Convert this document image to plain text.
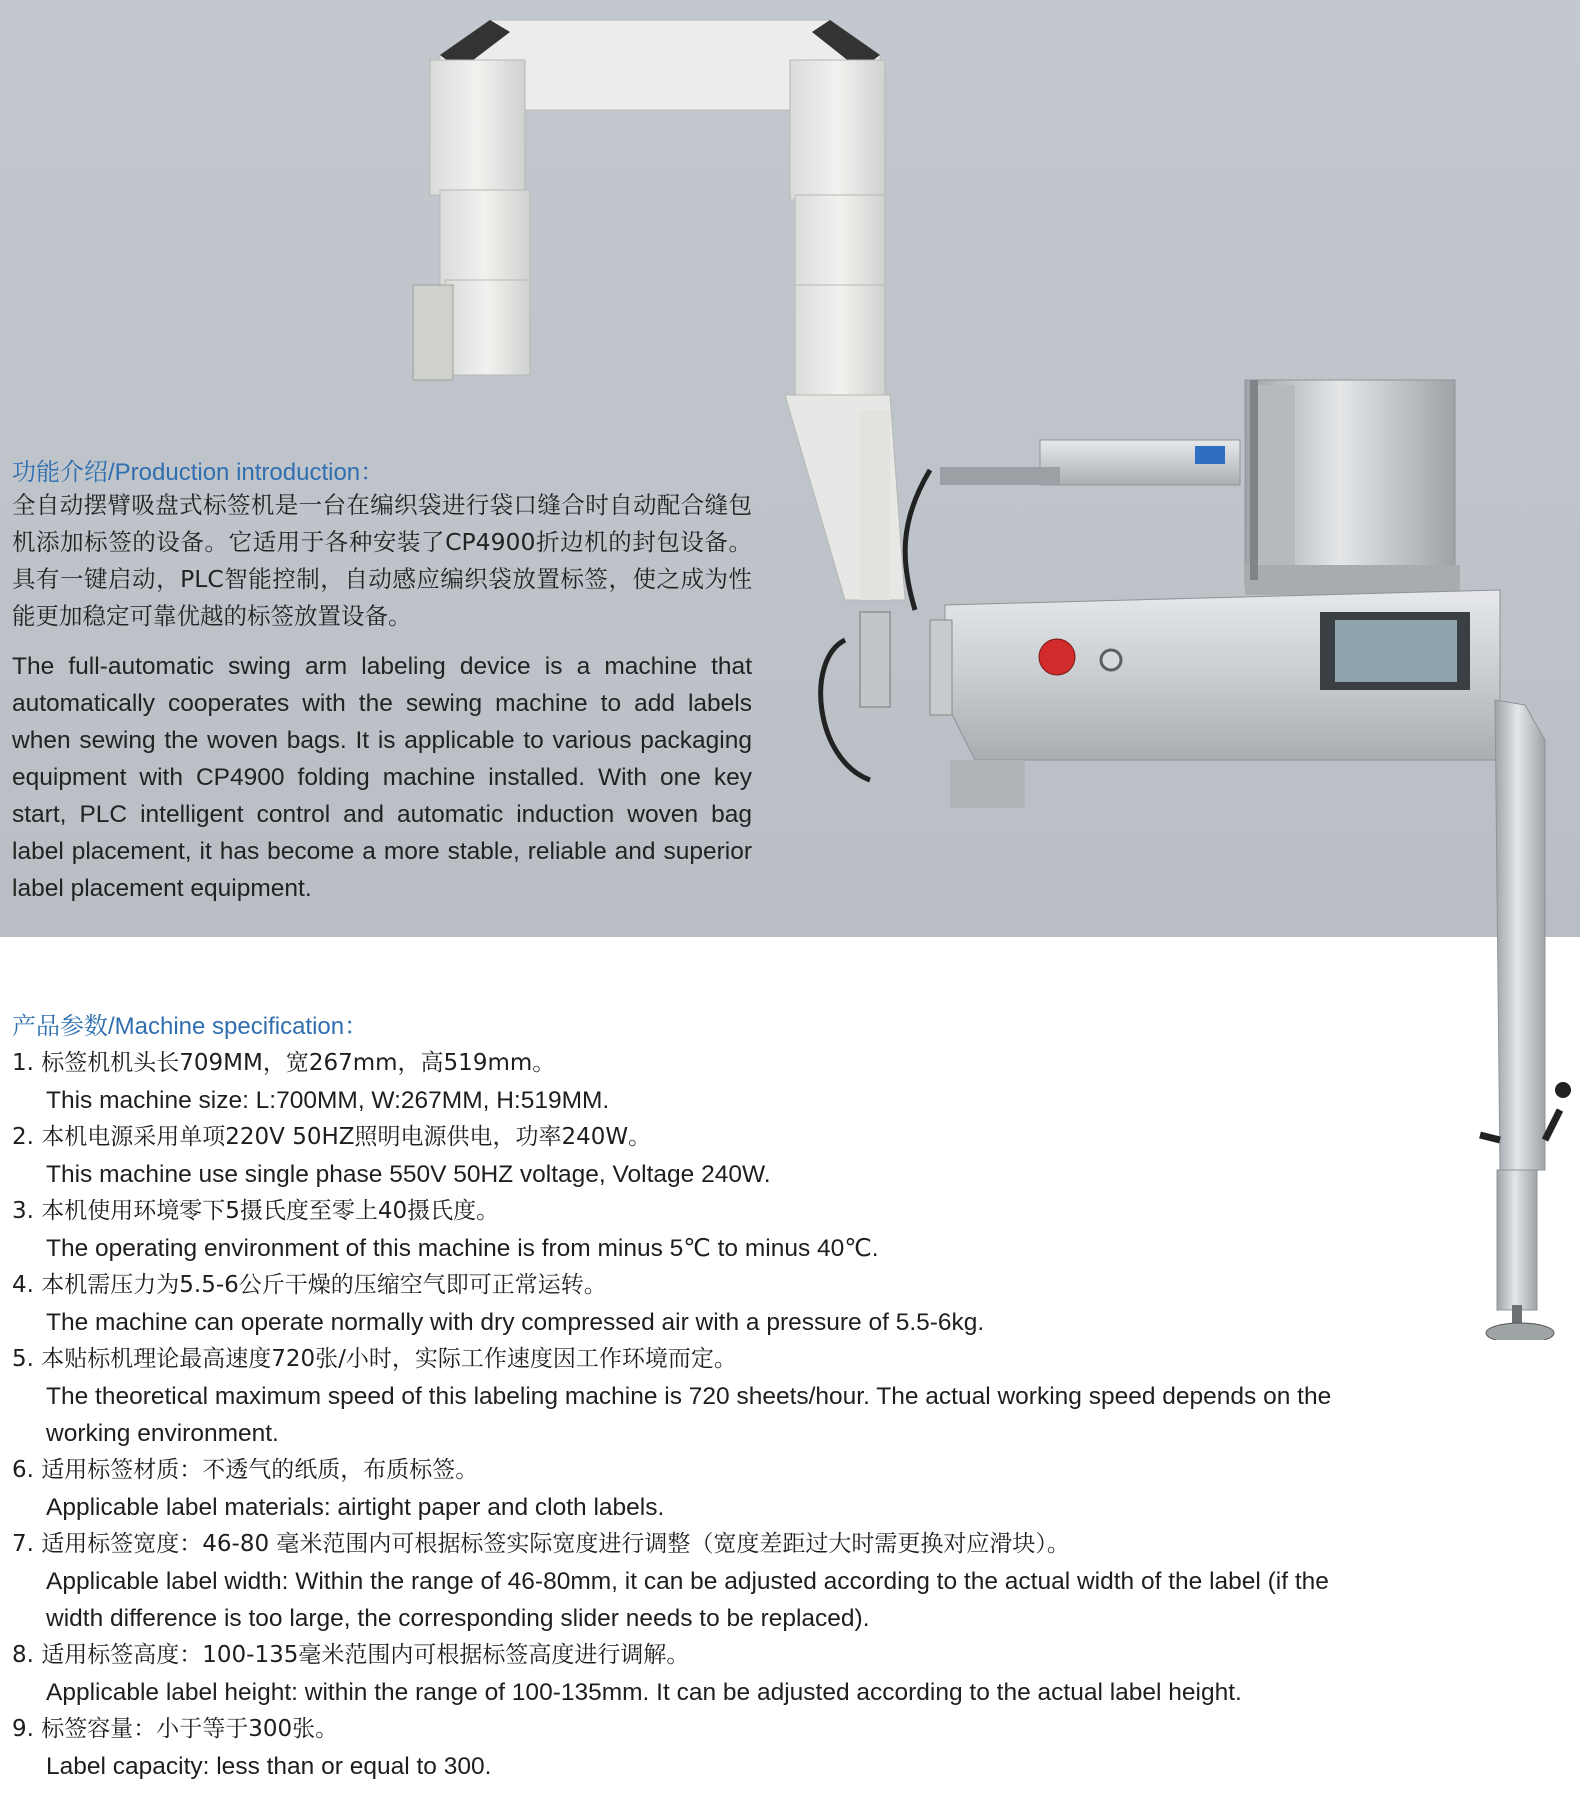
功能介绍/Production introduction：
全自动摆臂吸盘式标签机是一台在编织袋进行袋口缝合时自动配合缝包机添加标签的设备。它适用于各种安装了CP4900折边机的封包设备。 具有一键启动，PLC智能控制，自动感应编织袋放置标签，使之成为性能更加稳定可靠优越的标签放置设备。
The full-automatic swing arm labeling device is a machine that automatically cooperates with the sewing machine to add labels when sewing the woven bags. It is applicable to various packaging equipment with CP4900 folding machine installed. With one key start, PLC intelligent control and automatic induction woven bag label placement, it has become a more stable, reliable and superior label placement equipment.
产品参数/Machine specification：
1. 标签机机头长709MM，宽267mm，高519mm。
This machine size: L:700MM, W:267MM, H:519MM.
2. 本机电源采用单项220V 50HZ照明电源供电，功率240W。
This machine use single phase 550V 50HZ voltage, Voltage 240W.
3. 本机使用环境零下5摄氏度至零上40摄氏度。
The operating environment of this machine is from minus 5℃ to minus 40℃.
4. 本机需压力为5.5-6公斤干燥的压缩空气即可正常运转。
The machine can operate normally with dry compressed air with a pressure of 5.5-6kg.
5. 本贴标机理论最高速度720张/小时，实际工作速度因工作环境而定。
The theoretical maximum speed of this labeling machine is 720 sheets/hour. The actual working speed depends on the working environment.
6. 适用标签材质：不透气的纸质，布质标签。
Applicable label materials: airtight paper and cloth labels.
7. 适用标签宽度：46-80 毫米范围内可根据标签实际宽度进行调整（宽度差距过大时需更换对应滑块）。
Applicable label width: Within the range of 46-80mm, it can be adjusted according to the actual width of the label (if the width difference is too large, the corresponding slider needs to be replaced).
8. 适用标签高度：100-135毫米范围内可根据标签高度进行调解。
Applicable label height: within the range of 100-135mm. It can be adjusted according to the actual label height.
9. 标签容量：小于等于300张。
Label capacity: less than or equal to 300.
